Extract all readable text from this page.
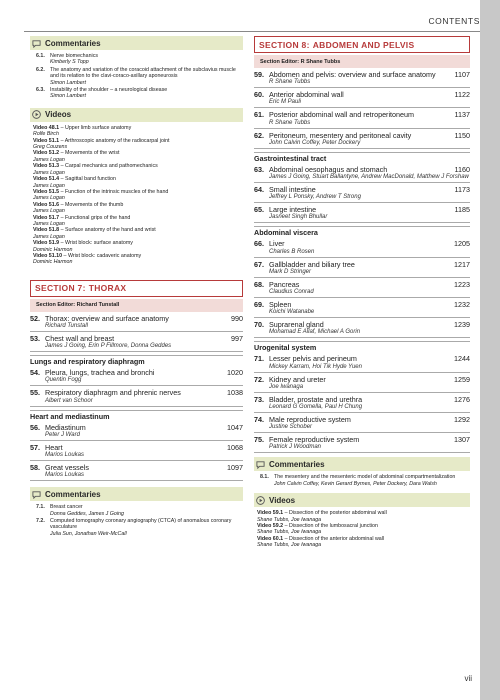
CONTENTS
Commentaries
6.1. Nerve biomechanics
Kimberly S Topp
6.2. The anatomy and variation of the coracoid attachment of the subclavius muscle and its relation to the clavi-coraco-axillary aponeurosis
Simon Lambert
6.3. Instability of the shoulder – a neurological disease
Simon Lambert
Videos
Video 48.1 – Upper limb surface anatomy
Rolfe Birch
Video 51.1 – Arthroscopic anatomy of the radiocarpal joint
Greg Couzens
Video 51.2 – Movements of the wrist
James Logan
Video 51.3 – Carpal mechanics and pathomechanics
James Logan
Video 51.4 – Sagittal band function
James Logan
Video 51.5 – Function of the intrinsic muscles of the hand
James Logan
Video 51.6 – Movements of the thumb
James Logan
Video 51.7 – Functional grips of the hand
James Logan
Video 51.8 – Surface anatomy of the hand and wrist
James Logan
Video 51.9 – Wrist block: surface anatomy
Dominic Harmon
Video 51.10 – Wrist block: cadaveric anatomy
Dominic Harmon
SECTION 7: THORAX
Section Editor: Richard Tunstall
52. Thorax: overview and surface anatomy	990
Richard Tunstall
53. Chest wall and breast	997
James J Going, Erin P Fillmore, Donna Geddes
Lungs and respiratory diaphragm
54. Pleura, lungs, trachea and bronchi	1020
Quentin Fogg
55. Respiratory diaphragm and phrenic nerves	1038
Albert van Schoor
Heart and mediastinum
56. Mediastinum	1047
Peter J Ward
57. Heart	1068
Marios Loukas
58. Great vessels	1097
Marios Loukas
Commentaries
7.1. Breast cancer
Donna Geddes, James J Going
7.2. Computed tomography coronary angiography (CTCA) of anomalous coronary vasculature
Julia Sun, Jonathan Weir-McCall
SECTION 8: ABDOMEN AND PELVIS
Section Editor: R Shane Tubbs
59. Abdomen and pelvis: overview and surface anatomy	1107
R Shane Tubbs
60. Anterior abdominal wall	1122
Eric M Pauli
61. Posterior abdominal wall and retroperitoneum	1137
R Shane Tubbs
62. Peritoneum, mesentery and peritoneal cavity	1150
John Calvin Coffey, Peter Dockery
Gastrointestinal tract
63. Abdominal oesophagus and stomach	1160
James J Going, Stuart Ballantyne, Andrew MacDonald, Matthew J Forshaw
64. Small intestine	1173
Jeffrey L Ponsky, Andrew T Strong
65. Large intestine	1185
Jasneet Singh Bhullar
Abdominal viscera
66. Liver	1205
Charles B Rosen
67. Gallbladder and biliary tree	1217
Mark D Stringer
68. Pancreas	1223
Claudius Conrad
69. Spleen	1232
Koichi Watanabe
70. Suprarenal gland	1239
Mohamad E Allaf, Michael A Gorin
Urogenital system
71. Lesser pelvis and perineum	1244
Mickey Karram, Hoi Tik Hyde Yuen
72. Kidney and ureter	1259
Joe Iwanaga
73. Bladder, prostate and urethra	1276
Leonard G Gomella, Paul H Chung
74. Male reproductive system	1292
Justine Schober
75. Female reproductive system	1307
Patrick J Woodman
Commentaries
8.1. The mesentery and the mesenteric model of abdominal compartmentalization
John Calvin Coffey, Kevin Gerard Byrnes, Peter Dockery, Dara Walsh
Videos
Video 59.1 – Dissection of the posterior abdominal wall
Shane Tubbs, Joe Iwanaga
Video 59.2 – Dissection of the lumbosacral junction
Shane Tubbs, Joe Iwanaga
Video 60.1 – Dissection of the anterior abdominal wall
Shane Tubbs, Joe Iwanaga
vii
